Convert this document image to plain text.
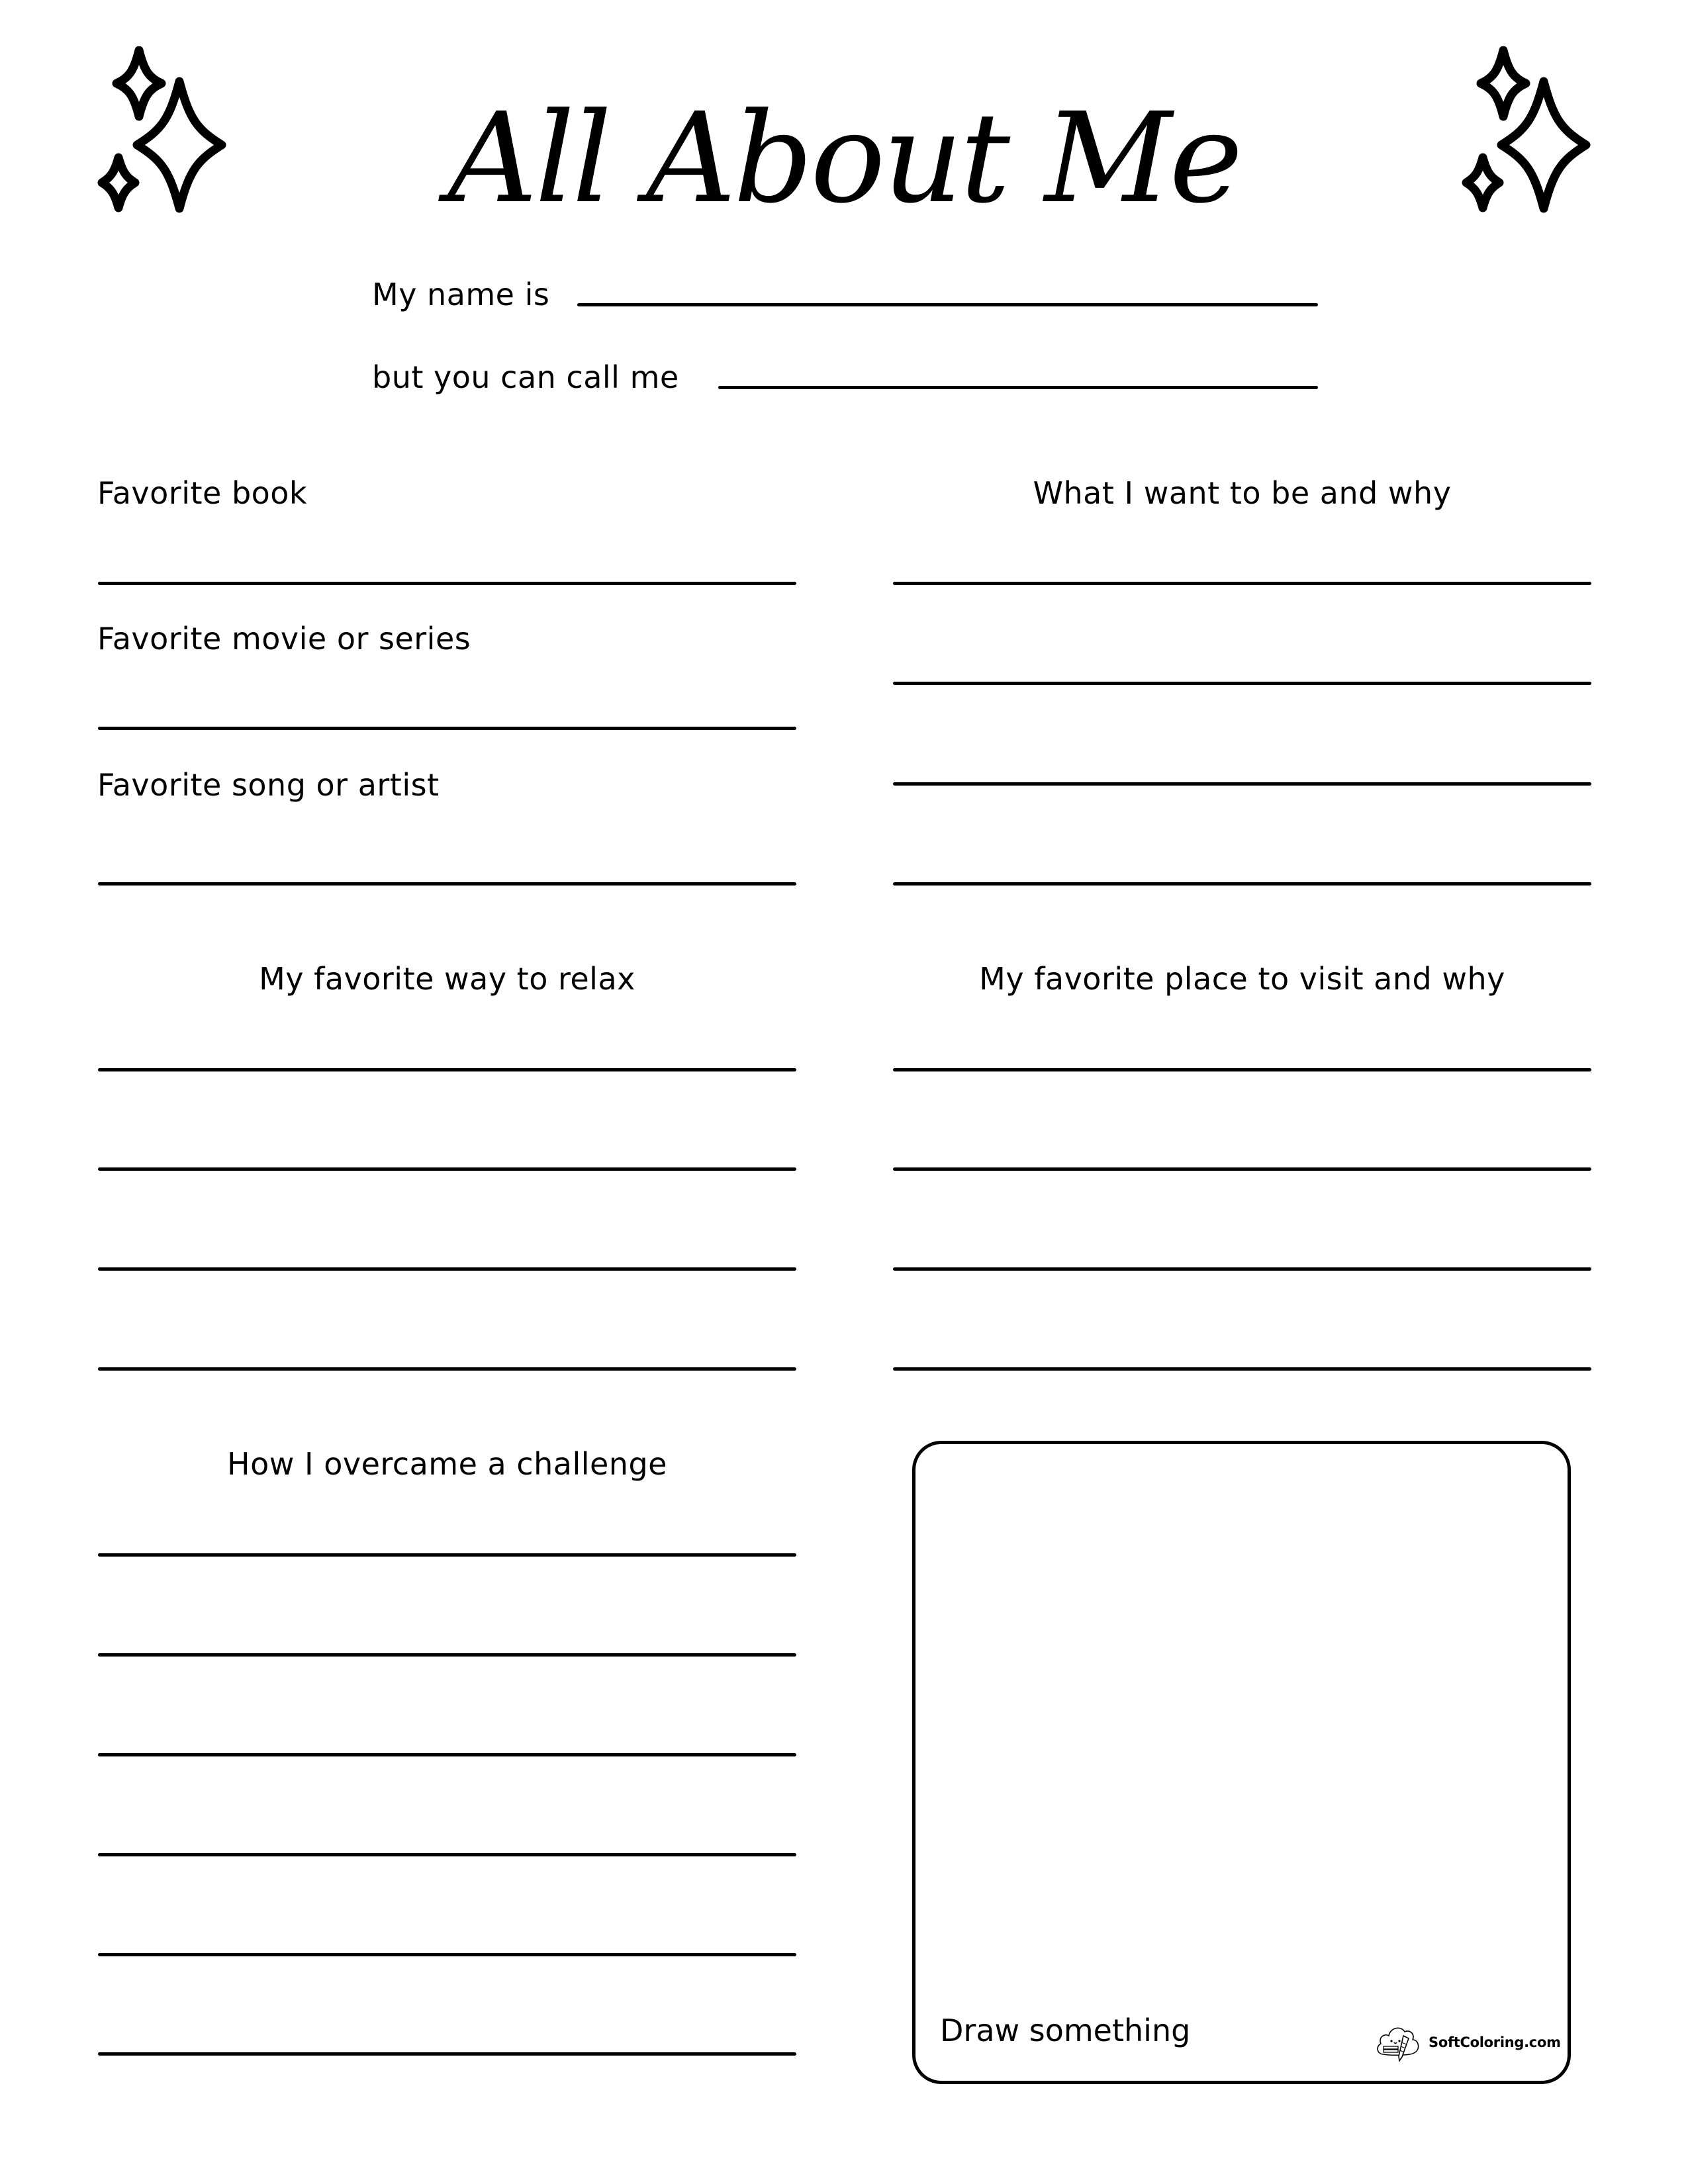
All About Me
My name is
but you can call me
Favorite book
Favorite movie or series
Favorite song or artist
What I want to be and why
My favorite way to relax	My favorite place to visit and why
How I overcame a challenge
Draw something	SoftColoring.com
